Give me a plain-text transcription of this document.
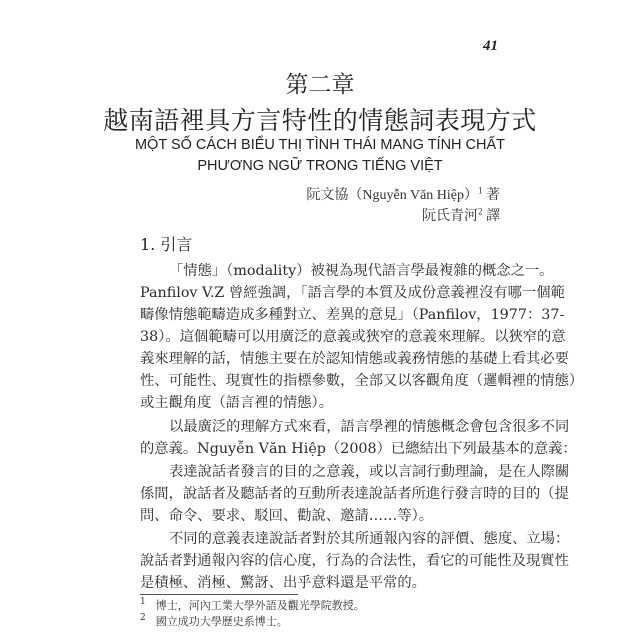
41
第二章
越南語裡具方言特性的情態詞表現方式
MỘT SỐ CÁCH BIỂU THỊ TÌNH THÁI MANG TÍNH CHẤT
PHƯƠNG NGỮ TRONG TIẾNG VIỆT
阮文協（Nguyễn Văn Hiệp）$^1$ 著
阮氏青河$^2$ 譯
1. 引言
「情態」（modality）被視為現代語言學最複雜的概念之一。
Panfilov V.Z 曾經強調，「語言學的本質及成份意義裡沒有哪一個範
疇像情態範疇造成多種對立、差異的意見」（Panfilov，1977：37-
38）。這個範疇可以用廣泛的意義或狹窄的意義來理解。以狹窄的意
義來理解的話，情態主要在於認知情態或義務情態的基礎上看其必要
性、可能性、現實性的指標參數，全部又以客觀角度（邏輯裡的情態）
或主觀角度（語言裡的情態）。
以最廣泛的理解方式來看，語言學裡的情態概念會包含很多不同
的意義。Nguyễn Văn Hiệp（2008）已總結出下列最基本的意義：
表達說話者發言的目的之意義，或以言詞行動理論，是在人際關
係間，說話者及聽話者的互動所表達說話者所進行發言時的目的（提
問、命令、要求、駁回、勸說、邀請……等）。
不同的意義表達說話者對於其所通報內容的評價、態度、立場：
說話者對通報內容的信心度，行為的合法性，看它的可能性及現實性
是積極、消極、驚訝、出乎意料還是平常的。
$^1$ 博士，河內工業大學外語及觀光學院教授。
$^2$ 國立成功大學歷史系博士。
